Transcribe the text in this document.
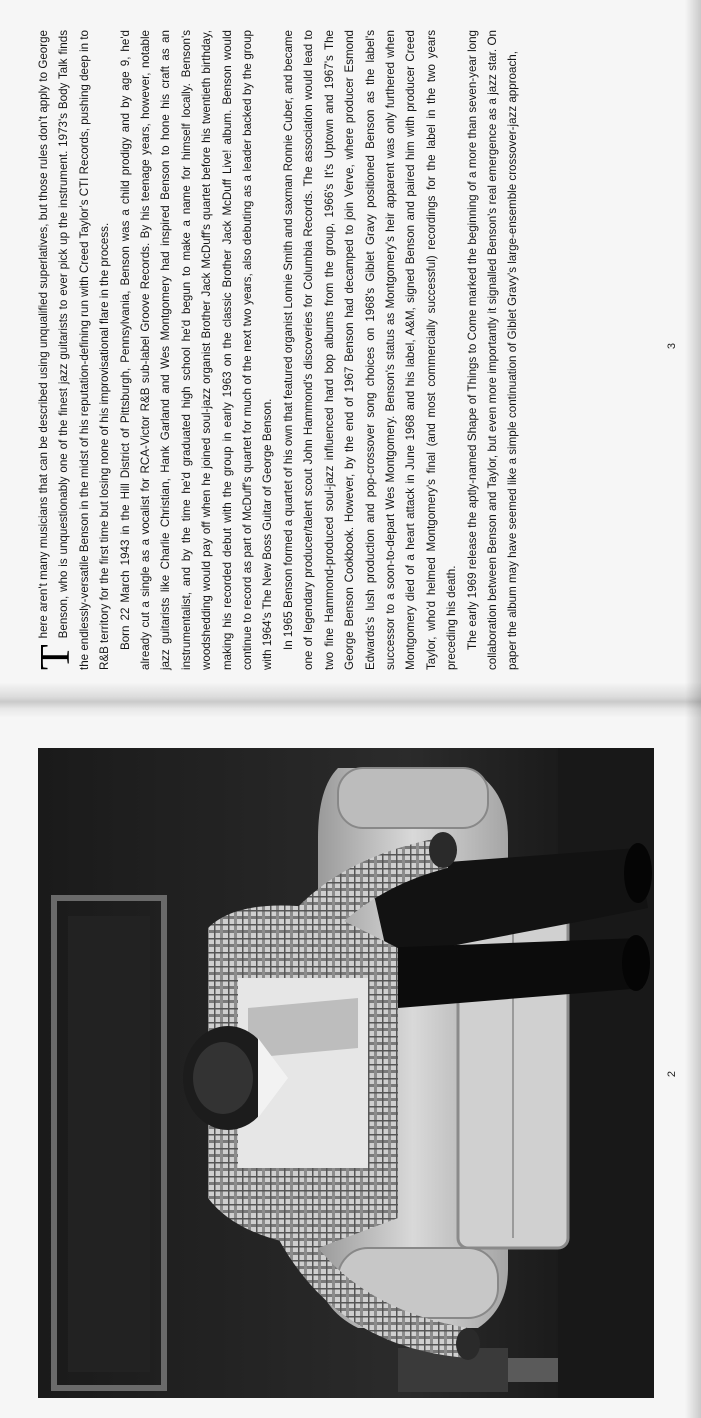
2
3

T
here aren't many musicians that can be described using unqualified superlatives, but those rules don't apply to George Benson, who is unquestionably one of the finest jazz guitarists to ever pick up the instrument. 1973's Body Talk finds the endlessly-versatile Benson in the midst of his reputation-defining run with Creed Taylor's CTI Records, pushing deep in to R&B territory for the first time but losing none of his improvisational flare in the process. Born 22 March 1943 in the Hill District of Pittsburgh, Pennsylvania, Benson was a child prodigy and by age 9, he'd already cut a single as a vocalist for RCA-Victor R&B sub-label Groove Records. By his teenage years, however, notable jazz guitarists like Charlie Christian, Hank Garland and Wes Montgomery had inspired Benson to hone his craft as an instrumentalist, and by the time he'd graduated high school he'd begun to make a name for himself locally. Benson's woodshedding would pay off when he joined soul-jazz organist Brother Jack McDuff's quartet before his twentieth birthday, making his recorded debut with the group in early 1963 on the classic Brother Jack McDuff Live! album. Benson would continue to record as part of McDuff's quartet for much of the next two years, also debuting as a leader backed by the group with 1964's The New Boss Guitar of George Benson. In 1965 Benson formed a quartet of his own that featured organist Lonnie Smith and saxman Ronnie Cuber, and became one of legendary producer/talent scout John Hammond's discoveries for Columbia Records. The association would lead to two fine Hammond-produced soul-jazz influenced hard bop albums from the group, 1966's It's Uptown and 1967's The George Benson Cookbook. However, by the end of 1967 Benson had decamped to join Verve, where producer Esmond Edwards's lush production and pop-crossover song choices on 1968's Giblet Gravy positioned Benson as the label's successor to a soon-to-depart Wes Montgomery. Benson's status as Montgomery's heir apparent was only furthered when Montgomery died of a heart attack in June 1968 and his label, A&M, signed Benson and paired him with producer Creed Taylor, who'd helmed Montgomery's final (and most commercially successful) recordings for the label in the two years preceding his death. The early 1969 release the aptly-named Shape of Things to Come marked the beginning of a more than seven-year long collaboration between Benson and Taylor, but even more importantly it signalled Benson's real emergence as a jazz star. On paper the album may have seemed like a simple continuation of Giblet Gravy's large-ensemble crossover-jazz approach,
